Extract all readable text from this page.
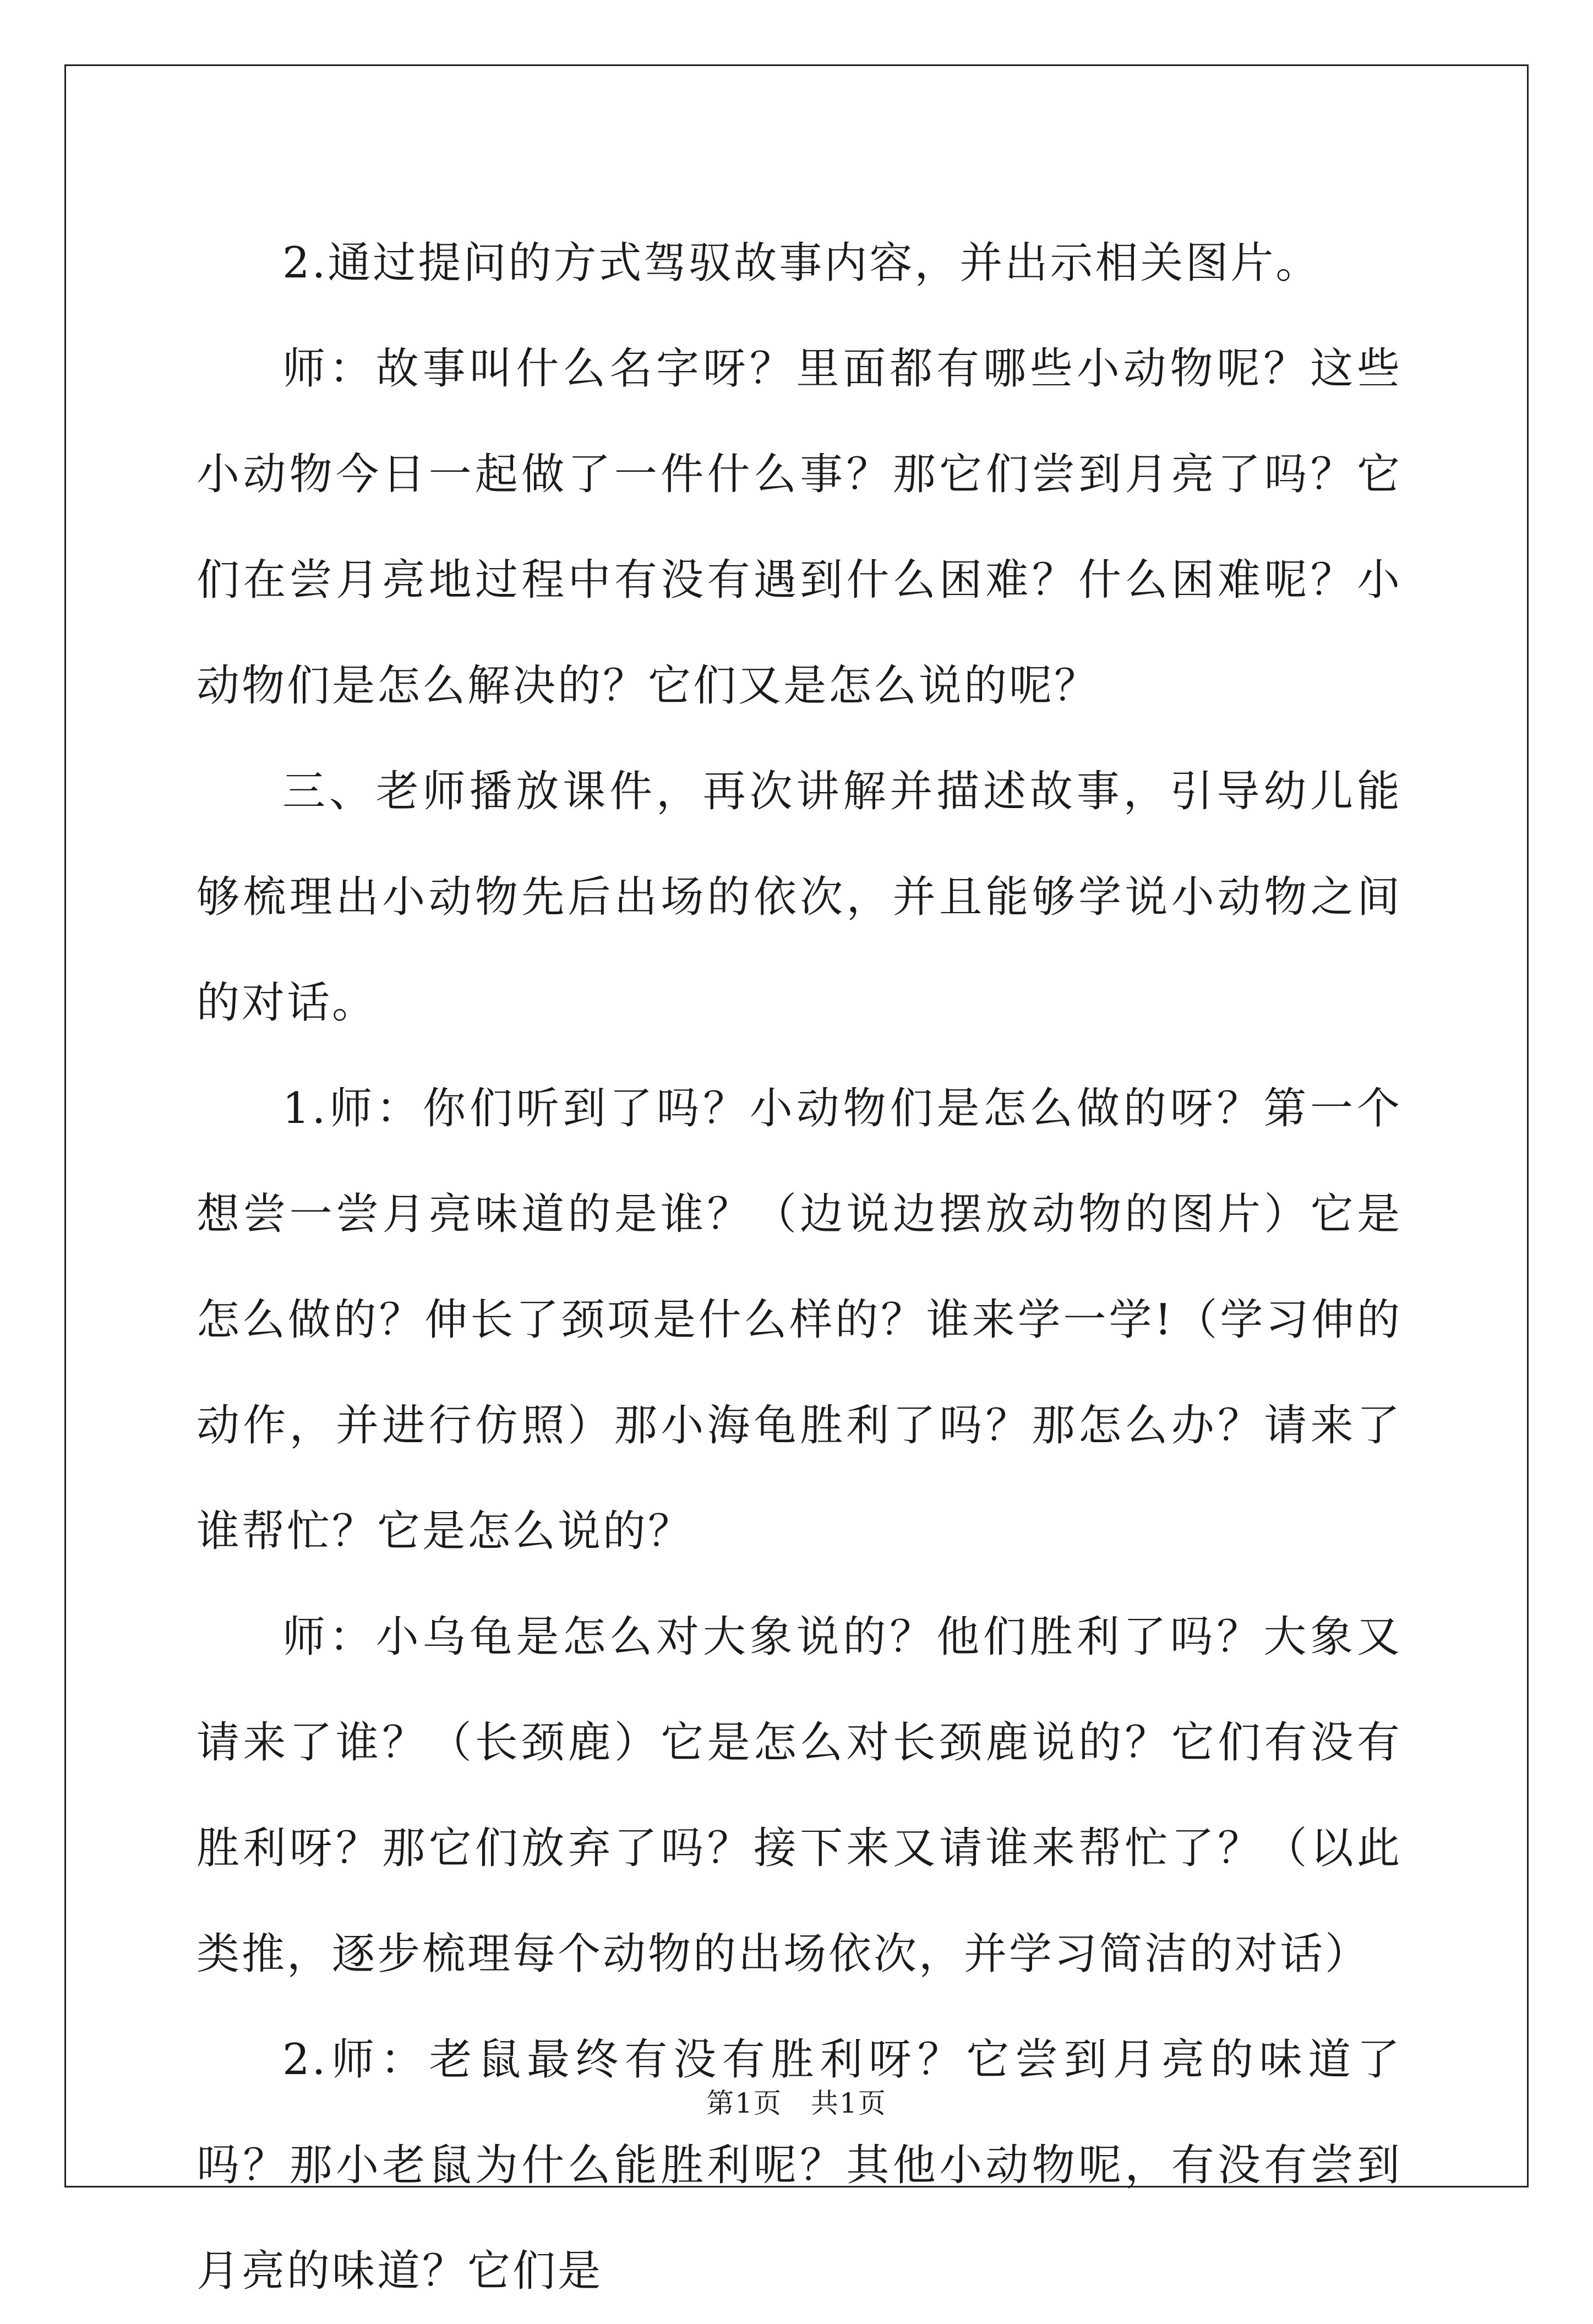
2.通过提问的方式驾驭故事内容，并出示相关图片。

师：故事叫什么名字呀？里面都有哪些小动物呢？这些小动物今日一起做了一件什么事？那它们尝到月亮了吗？它们在尝月亮地过程中有没有遇到什么困难？什么困难呢？小动物们是怎么解决的？它们又是怎么说的呢？

三、老师播放课件，再次讲解并描述故事，引导幼儿能够梳理出小动物先后出场的依次，并且能够学说小动物之间的对话。

1.师：你们听到了吗？小动物们是怎么做的呀？第一个想尝一尝月亮味道的是谁？（边说边摆放动物的图片）它是怎么做的？伸长了颈项是什么样的？谁来学一学!（学习伸的动作，并进行仿照）那小海龟胜利了吗？那怎么办？请来了谁帮忙？它是怎么说的？

师：小乌龟是怎么对大象说的？他们胜利了吗？大象又请来了谁？（长颈鹿）它是怎么对长颈鹿说的？它们有没有胜利呀？那它们放弃了吗？接下来又请谁来帮忙了？（以此类推，逐步梳理每个动物的出场依次，并学习简洁的对话）

2.师：老鼠最终有没有胜利呀？它尝到月亮的味道了吗？那小老鼠为什么能胜利呢？其他小动物呢，有没有尝到月亮的味道？它们是

第1页　共1页
